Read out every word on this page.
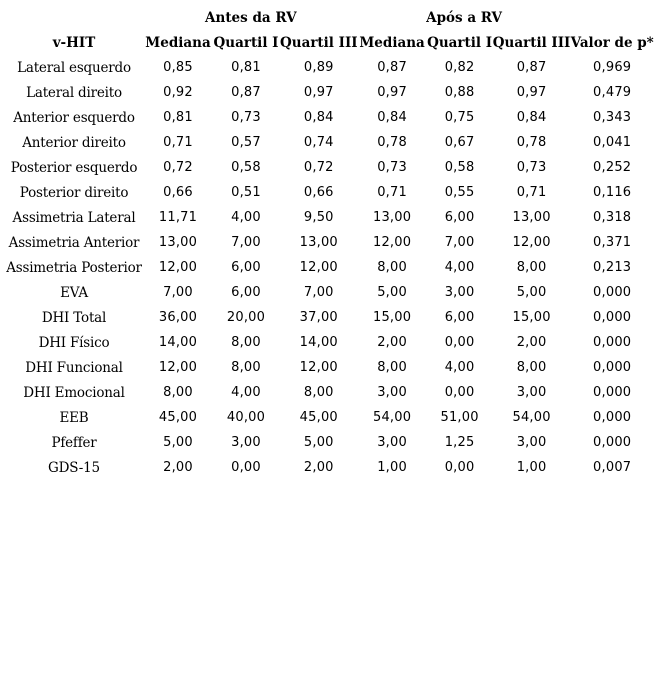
	Antes da RV			Após a RV			
v-HIT	Mediana	Quartil I	Quartil III	Mediana	Quartil I	Quartil III	Valor de p*
Lateral esquerdo	0,85	0,81	0,89	0,87	0,82	0,87	0,969
Lateral direito	0,92	0,87	0,97	0,97	0,88	0,97	0,479
Anterior esquerdo	0,81	0,73	0,84	0,84	0,75	0,84	0,343
Anterior direito	0,71	0,57	0,74	0,78	0,67	0,78	0,041
Posterior esquerdo	0,72	0,58	0,72	0,73	0,58	0,73	0,252
Posterior direito	0,66	0,51	0,66	0,71	0,55	0,71	0,116
Assimetria Lateral	11,71	4,00	9,50	13,00	6,00	13,00	0,318
Assimetria Anterior	13,00	7,00	13,00	12,00	7,00	12,00	0,371
Assimetria Posterior	12,00	6,00	12,00	8,00	4,00	8,00	0,213
EVA	7,00	6,00	7,00	5,00	3,00	5,00	0,000
DHI Total	36,00	20,00	37,00	15,00	6,00	15,00	0,000
DHI Físico	14,00	8,00	14,00	2,00	0,00	2,00	0,000
DHI Funcional	12,00	8,00	12,00	8,00	4,00	8,00	0,000
DHI Emocional	8,00	4,00	8,00	3,00	0,00	3,00	0,000
EEB	45,00	40,00	45,00	54,00	51,00	54,00	0,000
Pfeffer	5,00	3,00	5,00	3,00	1,25	3,00	0,000
GDS-15	2,00	0,00	2,00	1,00	0,00	1,00	0,007
